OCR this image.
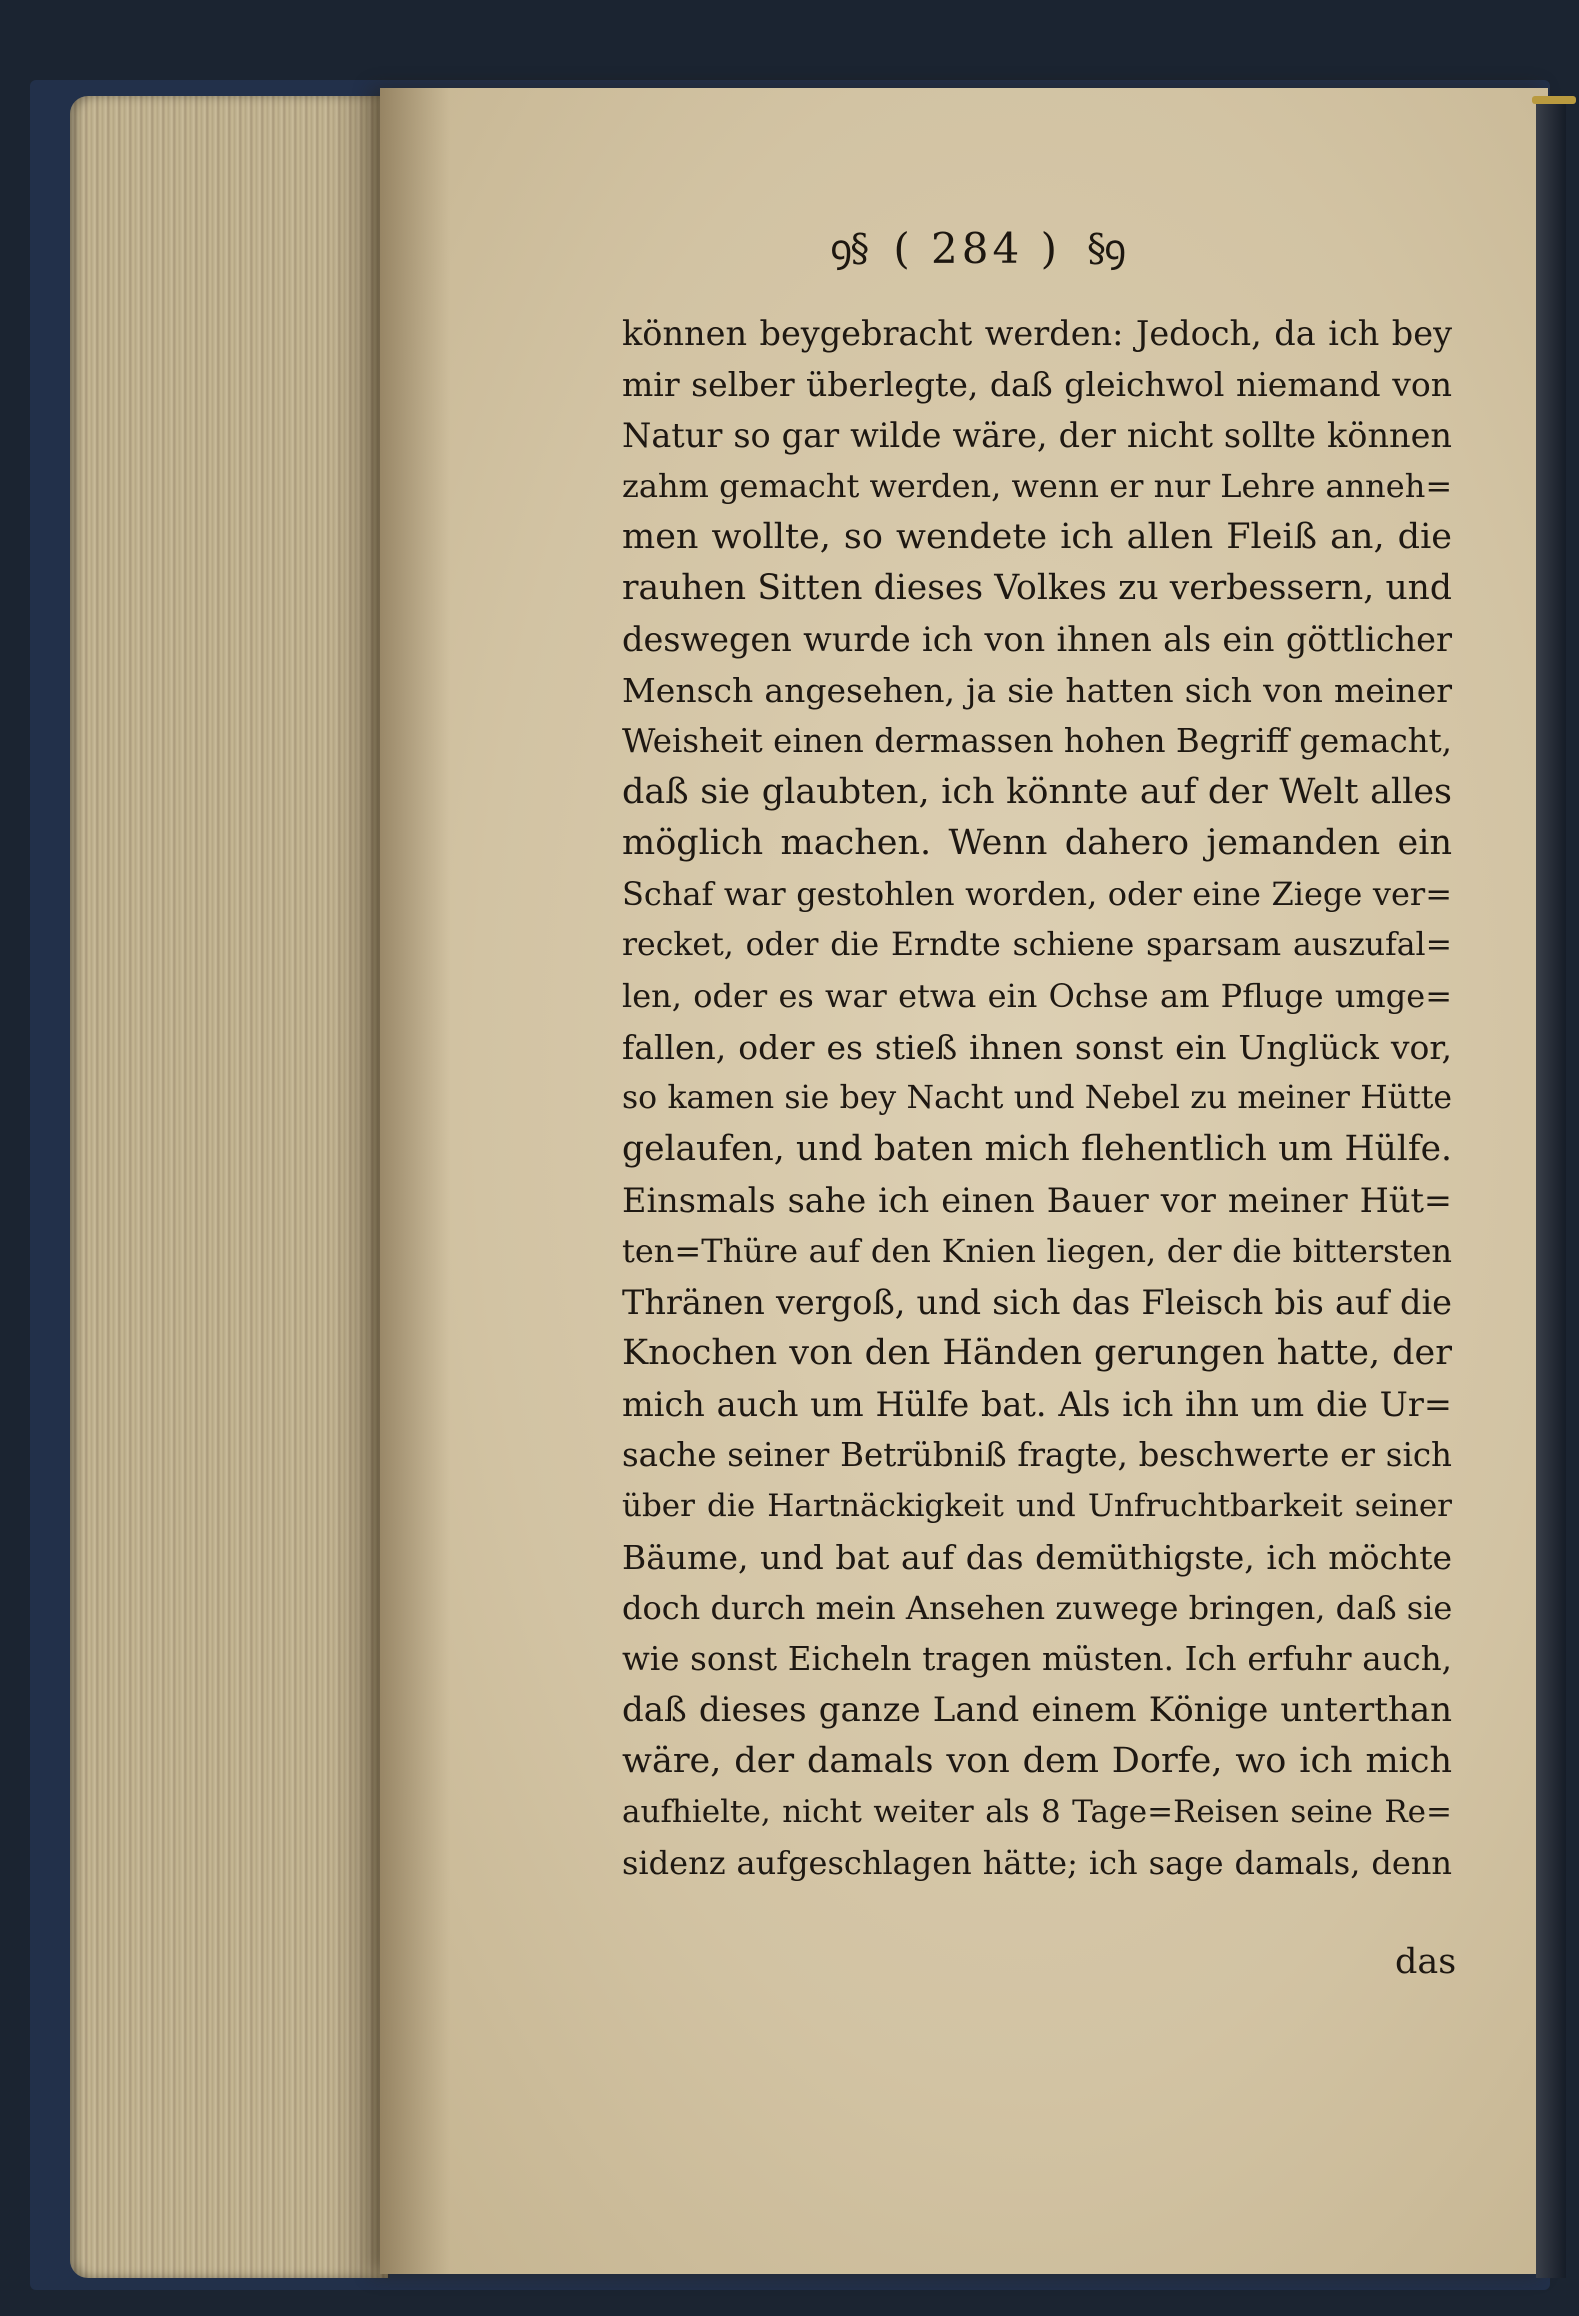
ꝯ§ ( 284 ) §ꝯ
können beygebracht werden: Jedoch, da ich bey
mir selber überlegte, daß gleichwol niemand von
Natur so gar wilde wäre, der nicht sollte können
zahm gemacht werden, wenn er nur Lehre anneh=
men wollte, so wendete ich allen Fleiß an, die
rauhen Sitten dieses Volkes zu verbessern, und
deswegen wurde ich von ihnen als ein göttlicher
Mensch angesehen, ja sie hatten sich von meiner
Weisheit einen dermassen hohen Begriff gemacht,
daß sie glaubten, ich könnte auf der Welt alles
möglich machen. Wenn dahero jemanden ein
Schaf war gestohlen worden, oder eine Ziege ver=
recket, oder die Erndte schiene sparsam auszufal=
len, oder es war etwa ein Ochse am Pfluge umge=
fallen, oder es stieß ihnen sonst ein Unglück vor,
so kamen sie bey Nacht und Nebel zu meiner Hütte
gelaufen, und baten mich flehentlich um Hülfe.
Einsmals sahe ich einen Bauer vor meiner Hüt=
ten=Thüre auf den Knien liegen, der die bittersten
Thränen vergoß, und sich das Fleisch bis auf die
Knochen von den Händen gerungen hatte, der
mich auch um Hülfe bat. Als ich ihn um die Ur=
sache seiner Betrübniß fragte, beschwerte er sich
über die Hartnäckigkeit und Unfruchtbarkeit seiner
Bäume, und bat auf das demüthigste, ich möchte
doch durch mein Ansehen zuwege bringen, daß sie
wie sonst Eicheln tragen müsten. Ich erfuhr auch,
daß dieses ganze Land einem Könige unterthan
wäre, der damals von dem Dorfe, wo ich mich
aufhielte, nicht weiter als 8 Tage=Reisen seine Re=
sidenz aufgeschlagen hätte; ich sage damals, denn
das
